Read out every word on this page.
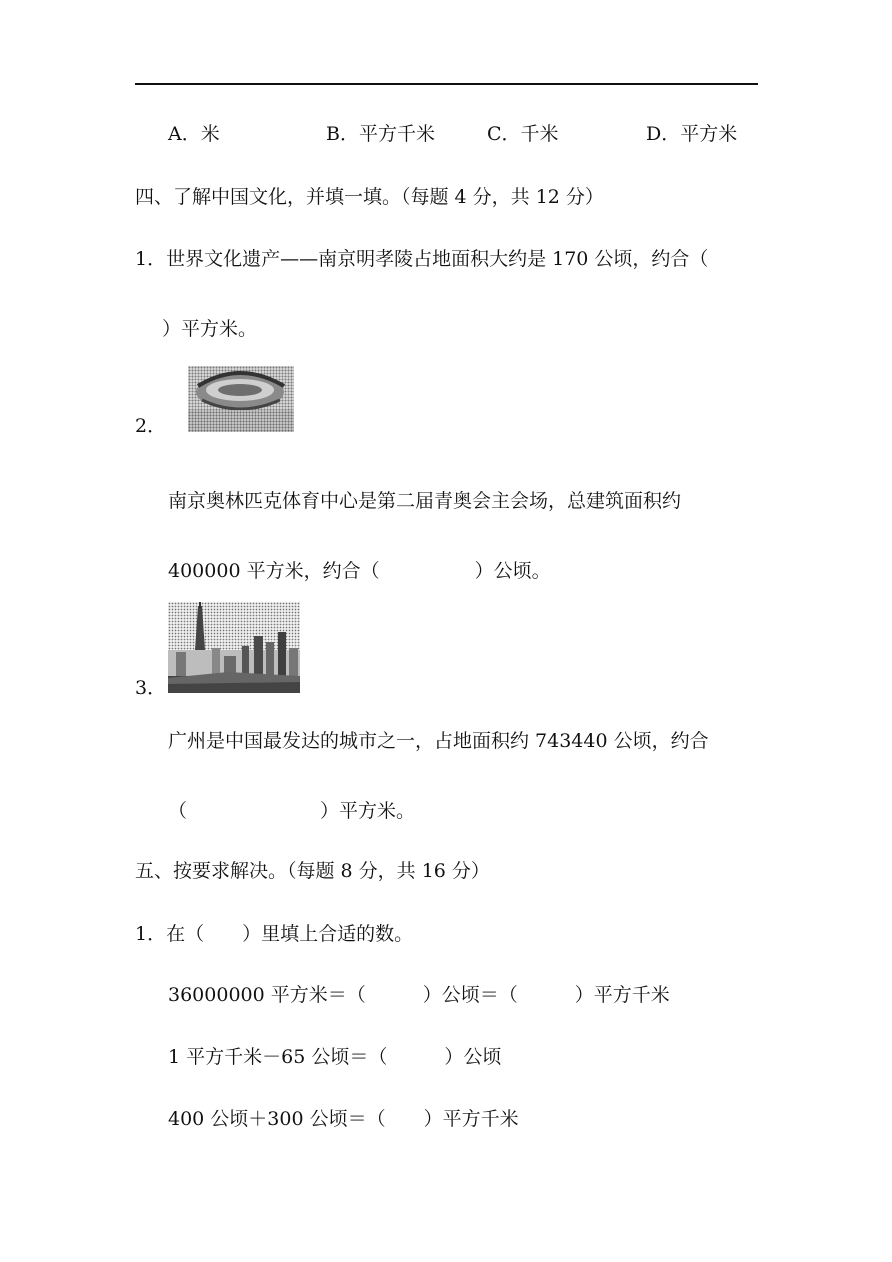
A．米	B．平方千米	C．千米	D．平方米
四、了解中国文化，并填一填。（每题 4 分，共 12 分）
1．世界文化遗产——南京明孝陵占地面积大约是 170 公顷，约合（
）平方米。
2．
南京奥林匹克体育中心是第二届青奥会主会场，总建筑面积约
400000 平方米，约合（　　　　　）公顷。
3．
广州是中国最发达的城市之一，占地面积约 743440 公顷，约合
（　　　　　　　）平方米。
五、按要求解决。（每题 8 分，共 16 分）
1．在（　　）里填上合适的数。
36000000 平方米＝（　　　）公顷＝（　　　）平方千米
1 平方千米－65 公顷＝（　　　）公顷
400 公顷＋300 公顷＝（　　）平方千米
